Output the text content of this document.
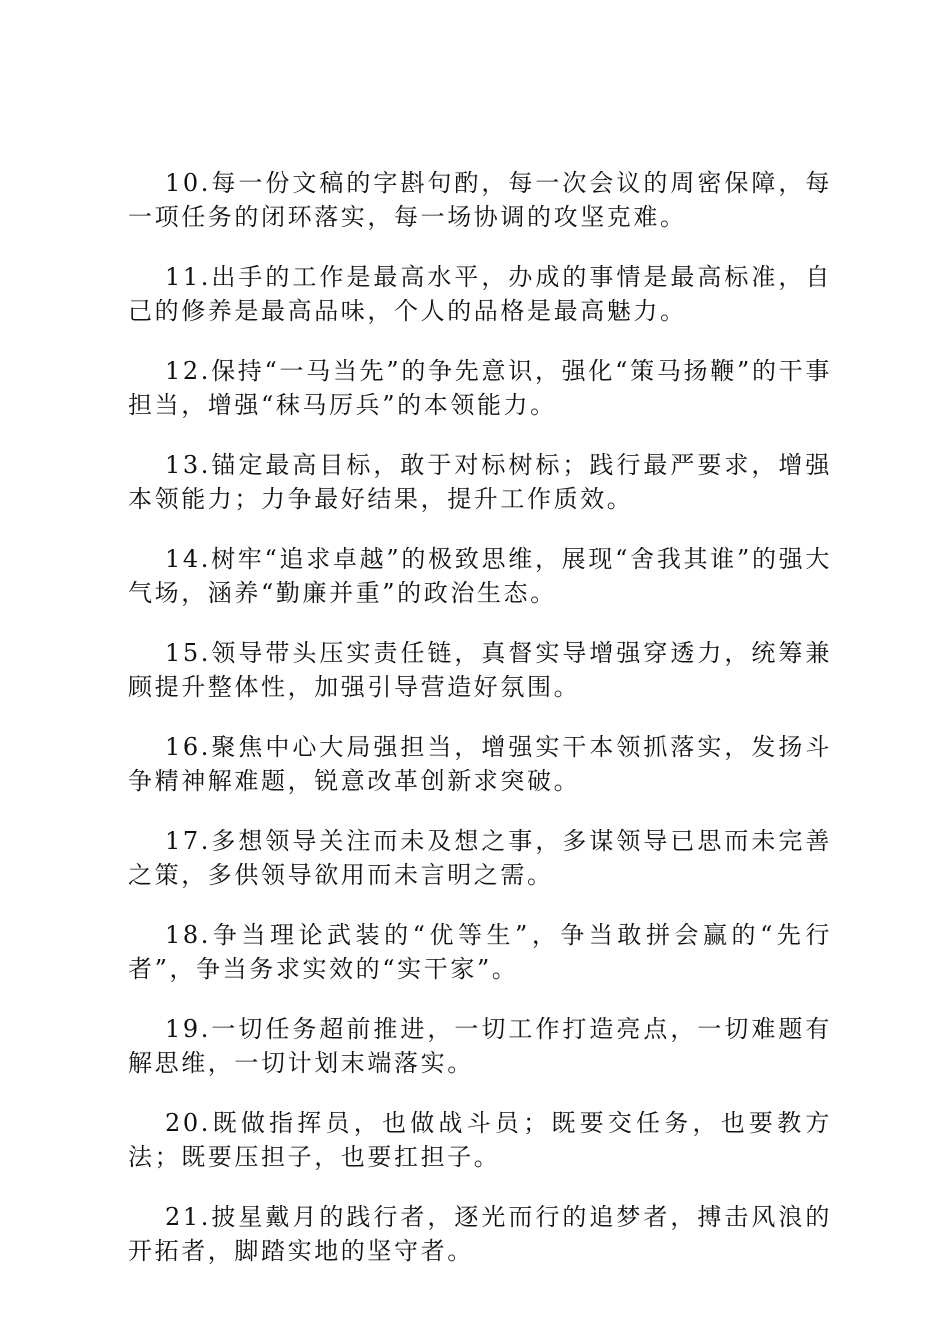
10.每一份文稿的字斟句酌，每一次会议的周密保障，每一项任务的闭环落实，每一场协调的攻坚克难。

11.出手的工作是最高水平，办成的事情是最高标准，自己的修养是最高品味，个人的品格是最高魅力。

12.保持“一马当先”的争先意识，强化“策马扬鞭”的干事担当，增强“秣马厉兵”的本领能力。

13.锚定最高目标，敢于对标树标；践行最严要求，增强本领能力；力争最好结果，提升工作质效。

14.树牢“追求卓越”的极致思维，展现“舍我其谁”的强大气场，涵养“勤廉并重”的政治生态。

15.领导带头压实责任链，真督实导增强穿透力，统筹兼顾提升整体性，加强引导营造好氛围。

16.聚焦中心大局强担当，增强实干本领抓落实，发扬斗争精神解难题，锐意改革创新求突破。

17.多想领导关注而未及想之事，多谋领导已思而未完善之策，多供领导欲用而未言明之需。

18.争当理论武装的“优等生”，争当敢拼会赢的“先行者”，争当务求实效的“实干家”。

19.一切任务超前推进，一切工作打造亮点，一切难题有解思维，一切计划末端落实。

20.既做指挥员，也做战斗员；既要交任务，也要教方法；既要压担子，也要扛担子。

21.披星戴月的践行者，逐光而行的追梦者，搏击风浪的开拓者，脚踏实地的坚守者。
